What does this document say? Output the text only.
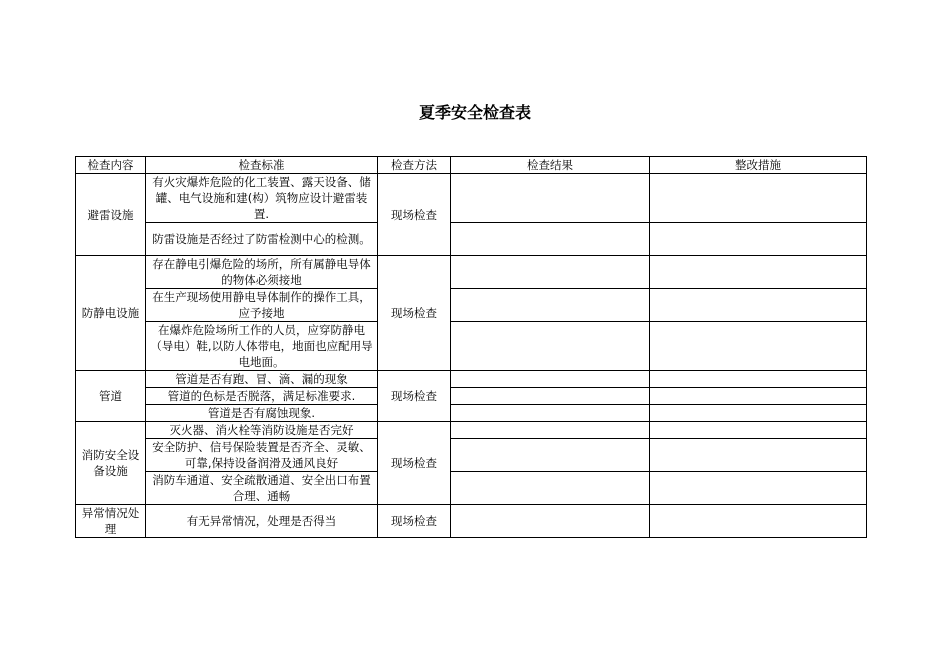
夏季安全检查表
检查内容	检查标准	检查方法	检查结果	整改措施
避雷设施	有火灾爆炸危险的化工装置、露天设备、储罐、电气设施和建(构）筑物应设计避雷装置.	现场检查		
	防雷设施是否经过了防雷检测中心的检测。			
防静电设施	存在静电引爆危险的场所，所有属静电导体的物体必须接地	现场检查		
	在生产现场使用静电导体制作的操作工具，应予接地			
	在爆炸危险场所工作的人员，应穿防静电（导电）鞋,以防人体带电，地面也应配用导电地面。			
管道	管道是否有跑、冒、滴、漏的现象	现场检查		
	管道的色标是否脱落，满足标准要求.			
	管道是否有腐蚀现象.			
消防安全设备设施	灭火器、消火栓等消防设施是否完好	现场检查		
	安全防护、信号保险装置是否齐全、灵敏、可靠,保持设备润滑及通风良好			
	消防车通道、安全疏散通道、安全出口布置合理、通畅			
异常情况处理	有无异常情况，处理是否得当	现场检查		
